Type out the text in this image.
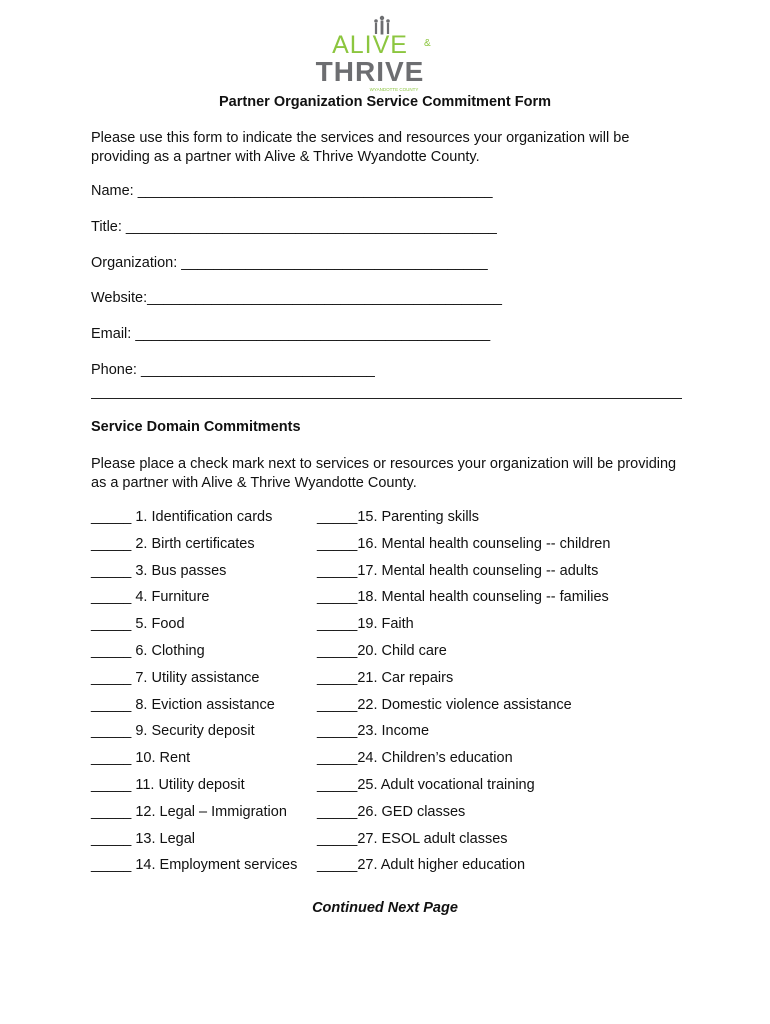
ALIVE &
THRIVE
WYANDOTTE COUNTY
Partner Organization Service Commitment Form
Please use this form to indicate the services and resources your organization will be providing as a partner with Alive & Thrive Wyandotte County.
Name: ____________________________________________
Title: ______________________________________________
Organization: ______________________________________
Website:____________________________________________
Email: ____________________________________________
Phone: _____________________________
Service Domain Commitments
Please place a check mark next to services or resources your organization will be providing as a partner with Alive & Thrive Wyandotte County.
_____ 1. Identification cards
_____ 2. Birth certificates
_____ 3. Bus passes
_____ 4. Furniture
_____ 5. Food
_____ 6. Clothing
_____ 7. Utility assistance
_____ 8. Eviction assistance
_____ 9. Security deposit
_____ 10. Rent
_____ 11. Utility deposit
_____ 12. Legal – Immigration
_____ 13. Legal
_____ 14. Employment services
_____15. Parenting skills
_____16. Mental health counseling -- children
_____17. Mental health counseling -- adults
_____18. Mental health counseling -- families
_____19. Faith
_____20. Child care
_____21. Car repairs
_____22. Domestic violence assistance
_____23. Income
_____24. Children’s education
_____25. Adult vocational training
_____26. GED classes
_____27. ESOL adult classes
_____27. Adult higher education
Continued Next Page
